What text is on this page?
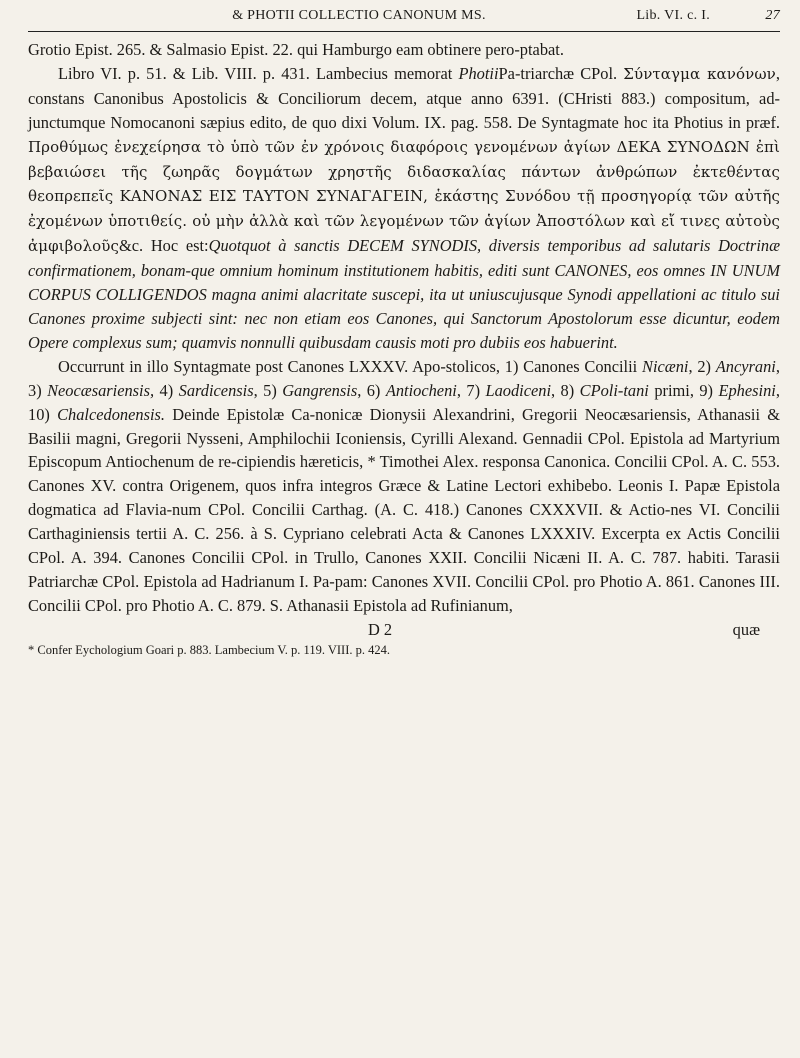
& PHOTII COLLECTIO CANONUM MS.	Lib. VI. c. I.	27

Grotio Epist. 265. & Salmasio Epist. 22. qui Hamburgo eam obtinere pero-ptabat.

Libro VI. p. 51. & Lib. VIII. p. 431. Lambecius memorat PhotiiPa-triarchæ CPol. Σύνταγμα κανόνων, constans Canonibus Apostolicis & Conciliorum decem, atque anno 6391. (CHristi 883.) compositum, ad-junctumque Nomocanoni sæpius edito, de quo dixi Volum. IX. pag. 558. De Syntagmate hoc ita Photius in præf. Προθύμως ἐνεχείρησα τὸ ὑπὸ τῶν ἐν χρόνοις διαφόροις γενομένων ἁγίων ΔΕΚΑ ΣΥΝΟΔΩΝ ἐπὶ βεβαιώσει τῆς ζωηρᾶς δογμάτων χρηστῆς διδασκαλίας πάντων ἀνθρώπων ἐκτεθέντας θεοπρεπεῖς ΚΑΝΟΝΑΣ ΕΙΣ ΤΑΥΤΟΝ ΣΥΝΑΓΑΓΕΙΝ, ἑκάστης Συνόδου τῇ προσηγορίᾳ τῶν αὐτῆς ἐχομένων ὑποτιθείς. οὐ μὴν ἀλλὰ καὶ τῶν λεγομένων τῶν ἁγίων Ἀποστόλων καὶ εἴ τινες αὐτοὺς ἀμφιβολοῦς&c. Hoc est:Quotquot à sanctis DECEM SYNODIS, diversis temporibus ad salutaris Doctrinæ confirmationem, bonam-que omnium hominum institutionem habitis, editi sunt CANONES, eos omnes IN UNUM CORPUS COLLIGENDOS magna animi alacritate suscepi, ita ut uniuscujusque Synodi appellationi ac titulo sui Canones proxime subjecti sint: nec non etiam eos Canones, qui Sanctorum Apostolorum esse dicuntur, eodem Opere complexus sum; quamvis nonnulli quibusdam causis moti pro dubiis eos habuerint.

Occurrunt in illo Syntagmate post Canones LXXXV. Apo-stolicos, 1) Canones Concilii Nicæni, 2) Ancyrani, 3) Neocæsariensis, 4) Sardicensis, 5) Gangrensis, 6) Antiocheni, 7) Laodiceni, 8) CPoli-tani primi, 9) Ephesini, 10) Chalcedonensis. Deinde Epistolæ Ca-nonicæ Dionysii Alexandrini, Gregorii Neocæsariensis, Athanasii & Basilii magni, Gregorii Nysseni, Amphilochii Iconiensis, Cyrilli Alexand. Gennadii CPol. Epistola ad Martyrium Episcopum Antiochenum de re-cipiendis hæreticis, * Timothei Alex. responsa Canonica. Concilii CPol. A. C. 553. Canones XV. contra Origenem, quos infra integros Græce & Latine Lectori exhibebo. Leonis I. Papæ Epistola dogmatica ad Flavia-num CPol. Concilii Carthag. (A. C. 418.) Canones CXXXVII. & Actio-nes VI. Concilii Carthaginiensis tertii A. C. 256. à S. Cypriano celebrati Acta & Canones LXXXIV. Excerpta ex Actis Concilii CPol. A. 394. Canones Concilii CPol. in Trullo, Canones XXII. Concilii Nicæni II. A. C. 787. habiti. Tarasii Patriarchæ CPol. Epistola ad Hadrianum I. Pa-pam: Canones XVII. Concilii CPol. pro Photio A. 861. Canones III. Concilii CPol. pro Photio A. C. 879. S. Athanasii Epistola ad Rufinianum,

D 2	quæ
* Confer Eychologium Goari p. 883. Lambecium V. p. 119. VIII. p. 424.
